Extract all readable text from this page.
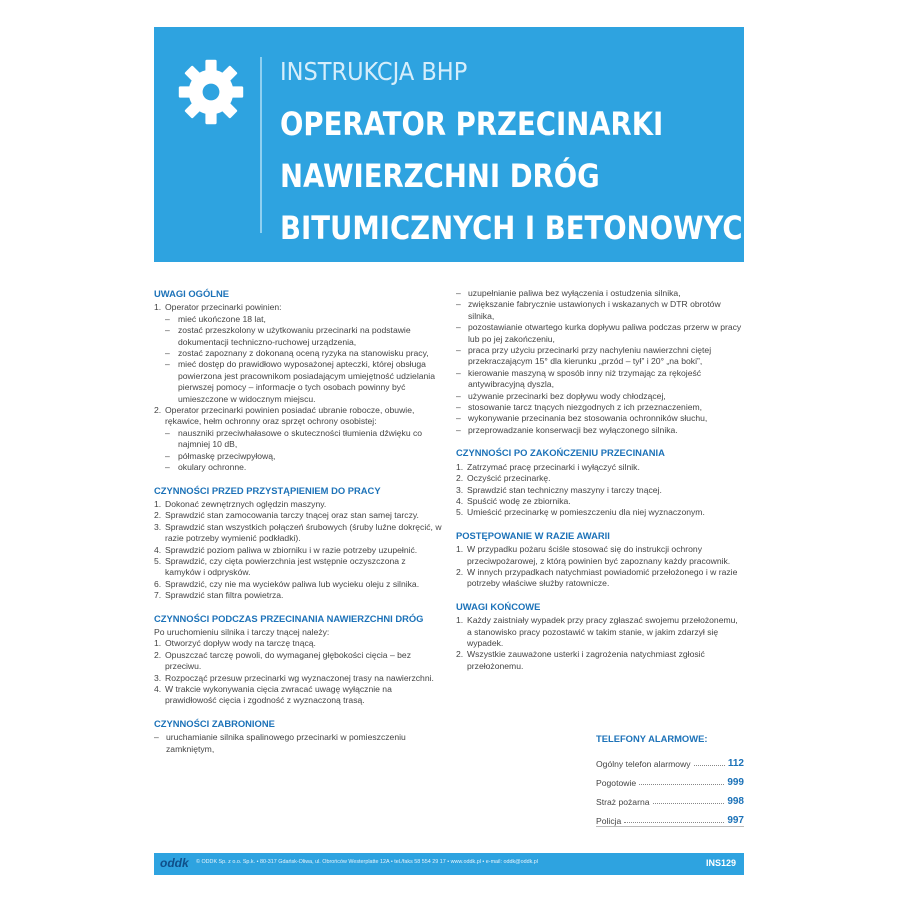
INSTRUKCJA BHP
OPERATOR PRZECINARKI
NAWIERZCHNI DRÓG
BITUMICZNYCH I BETONOWYCH
UWAGI OGÓLNE
1. Operator przecinarki powinien:
– mieć ukończone 18 lat,
– zostać przeszkolony w użytkowaniu przecinarki na podstawie dokumentacji techniczno-ruchowej urządzenia,
– zostać zapoznany z dokonaną oceną ryzyka na stanowisku pracy,
– mieć dostęp do prawidłowo wyposażonej apteczki, której obsługa powierzona jest pracownikom posiadającym umiejętność udzielania pierwszej pomocy – informacje o tych osobach powinny być umieszczone w widocznym miejscu.
2. Operator przecinarki powinien posiadać ubranie robocze, obuwie, rękawice, hełm ochronny oraz sprzęt ochrony osobistej:
– nauszniki przeciwhałasowe o skuteczności tłumienia dźwięku co najmniej 10 dB,
– półmaskę przeciwpyłową,
– okulary ochronne.
CZYNNOŚCI PRZED PRZYSTĄPIENIEM DO PRACY
1. Dokonać zewnętrznych oględzin maszyny.
2. Sprawdzić stan zamocowania tarczy tnącej oraz stan samej tarczy.
3. Sprawdzić stan wszystkich połączeń śrubowych (śruby luźne dokręcić, w razie potrzeby wymienić podkładki).
4. Sprawdzić poziom paliwa w zbiorniku i w razie potrzeby uzupełnić.
5. Sprawdzić, czy cięta powierzchnia jest wstępnie oczyszczona z kamyków i odprysków.
6. Sprawdzić, czy nie ma wycieków paliwa lub wycieku oleju z silnika.
7. Sprawdzić stan filtra powietrza.
CZYNNOŚCI PODCZAS PRZECINANIA NAWIERZCHNI DRÓG
Po uruchomieniu silnika i tarczy tnącej należy:
1. Otworzyć dopływ wody na tarczę tnącą.
2. Opuszczać tarczę powoli, do wymaganej głębokości cięcia – bez przeciwu.
3. Rozpocząć przesuw przecinarki wg wyznaczonej trasy na nawierzchni.
4. W trakcie wykonywania cięcia zwracać uwagę wyłącznie na prawidłowość cięcia i zgodność z wyznaczoną trasą.
CZYNNOŚCI ZABRONIONE
– uruchamianie silnika spalinowego przecinarki w pomieszczeniu zamkniętym,
– uzupełnianie paliwa bez wyłączenia i ostudzenia silnika,
– zwiększanie fabrycznie ustawionych i wskazanych w DTR obrotów silnika,
– pozostawianie otwartego kurka dopływu paliwa podczas przerw w pracy lub po jej zakończeniu,
– praca przy użyciu przecinarki przy nachyleniu nawierzchni ciętej przekraczającym 15° dla kierunku „przód – tył” i 20° „na boki”,
– kierowanie maszyną w sposób inny niż trzymając za rękojeść antywibracyjną dyszla,
– używanie przecinarki bez dopływu wody chłodzącej,
– stosowanie tarcz tnących niezgodnych z ich przeznaczeniem,
– wykonywanie przecinania bez stosowania ochronników słuchu,
– przeprowadzanie konserwacji bez wyłączonego silnika.
CZYNNOŚCI PO ZAKOŃCZENIU PRZECINANIA
1. Zatrzymać pracę przecinarki i wyłączyć silnik.
2. Oczyścić przecinarkę.
3. Sprawdzić stan techniczny maszyny i tarczy tnącej.
4. Spuścić wodę ze zbiornika.
5. Umieścić przecinarkę w pomieszczeniu dla niej wyznaczonym.
POSTĘPOWANIE W RAZIE AWARII
1. W przypadku pożaru ściśle stosować się do instrukcji ochrony przeciwpożarowej, z którą powinien być zapoznany każdy pracownik.
2. W innych przypadkach natychmiast powiadomić przełożonego i w razie potrzeby właściwe służby ratownicze.
UWAGI KOŃCOWE
1. Każdy zaistniały wypadek przy pracy zgłaszać swojemu przełożonemu, a stanowisko pracy pozostawić w takim stanie, w jakim zdarzył się wypadek.
2. Wszystkie zauważone usterki i zagrożenia natychmiast zgłosić przełożonemu.
TELEFONY ALARMOWE:
Ogólny telefon alarmowy	112
Pogotowie	999
Straż pożarna	998
Policja	997
oddk © ODDK Sp. z o.o. Sp.k. • 80-317 Gdańsk-Oliwa, ul. Obrońców Westerplatte 12A • tel./faks 58 554 29 17 • www.oddk.pl • e-mail: oddk@oddk.pl	INS129
